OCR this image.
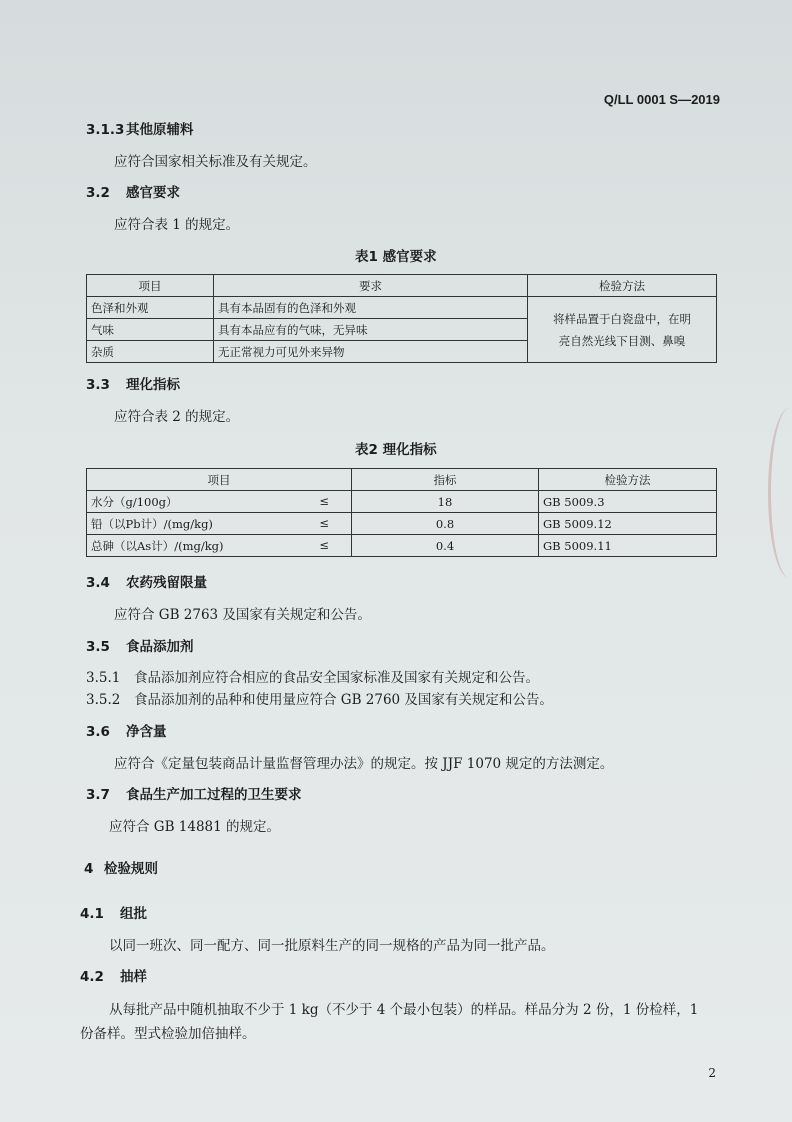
Q/LL 0001 S—2019
3.1.3 其他原辅料
应符合国家相关标准及有关规定。
3.2 感官要求
应符合表 1 的规定。
表1 感官要求
项目	要求	检验方法
色泽和外观	具有本品固有的色泽和外观	将样品置于白瓷盘中，在明
亮自然光线下目测、鼻嗅

气味	具有本品应有的气味，无异味	
杂质	无正常视力可见外来异物	
3.3 理化指标
应符合表 2 的规定。
表2 理化指标
项目	指标	检验方法
水分（g/100g） ≤	18	GB 5009.3
铅（以Pb计）/(mg/kg) ≤	0.8	GB 5009.12
总砷（以As计）/(mg/kg) ≤	0.4	GB 5009.11
3.4 农药残留限量
应符合 GB 2763 及国家有关规定和公告。
3.5 食品添加剂
3.5.1 食品添加剂应符合相应的食品安全国家标准及国家有关规定和公告。
3.5.2 食品添加剂的品种和使用量应符合 GB 2760 及国家有关规定和公告。
3.6 净含量
应符合《定量包装商品计量监督管理办法》的规定。按 JJF 1070 规定的方法测定。
3.7 食品生产加工过程的卫生要求
应符合 GB 14881 的规定。
4 检验规则
4.1 组批
以同一班次、同一配方、同一批原料生产的同一规格的产品为同一批产品。
4.2 抽样
从每批产品中随机抽取不少于 1 kg（不少于 4 个最小包装）的样品。样品分为 2 份，1 份检样，1
份备样。型式检验加倍抽样。
2
